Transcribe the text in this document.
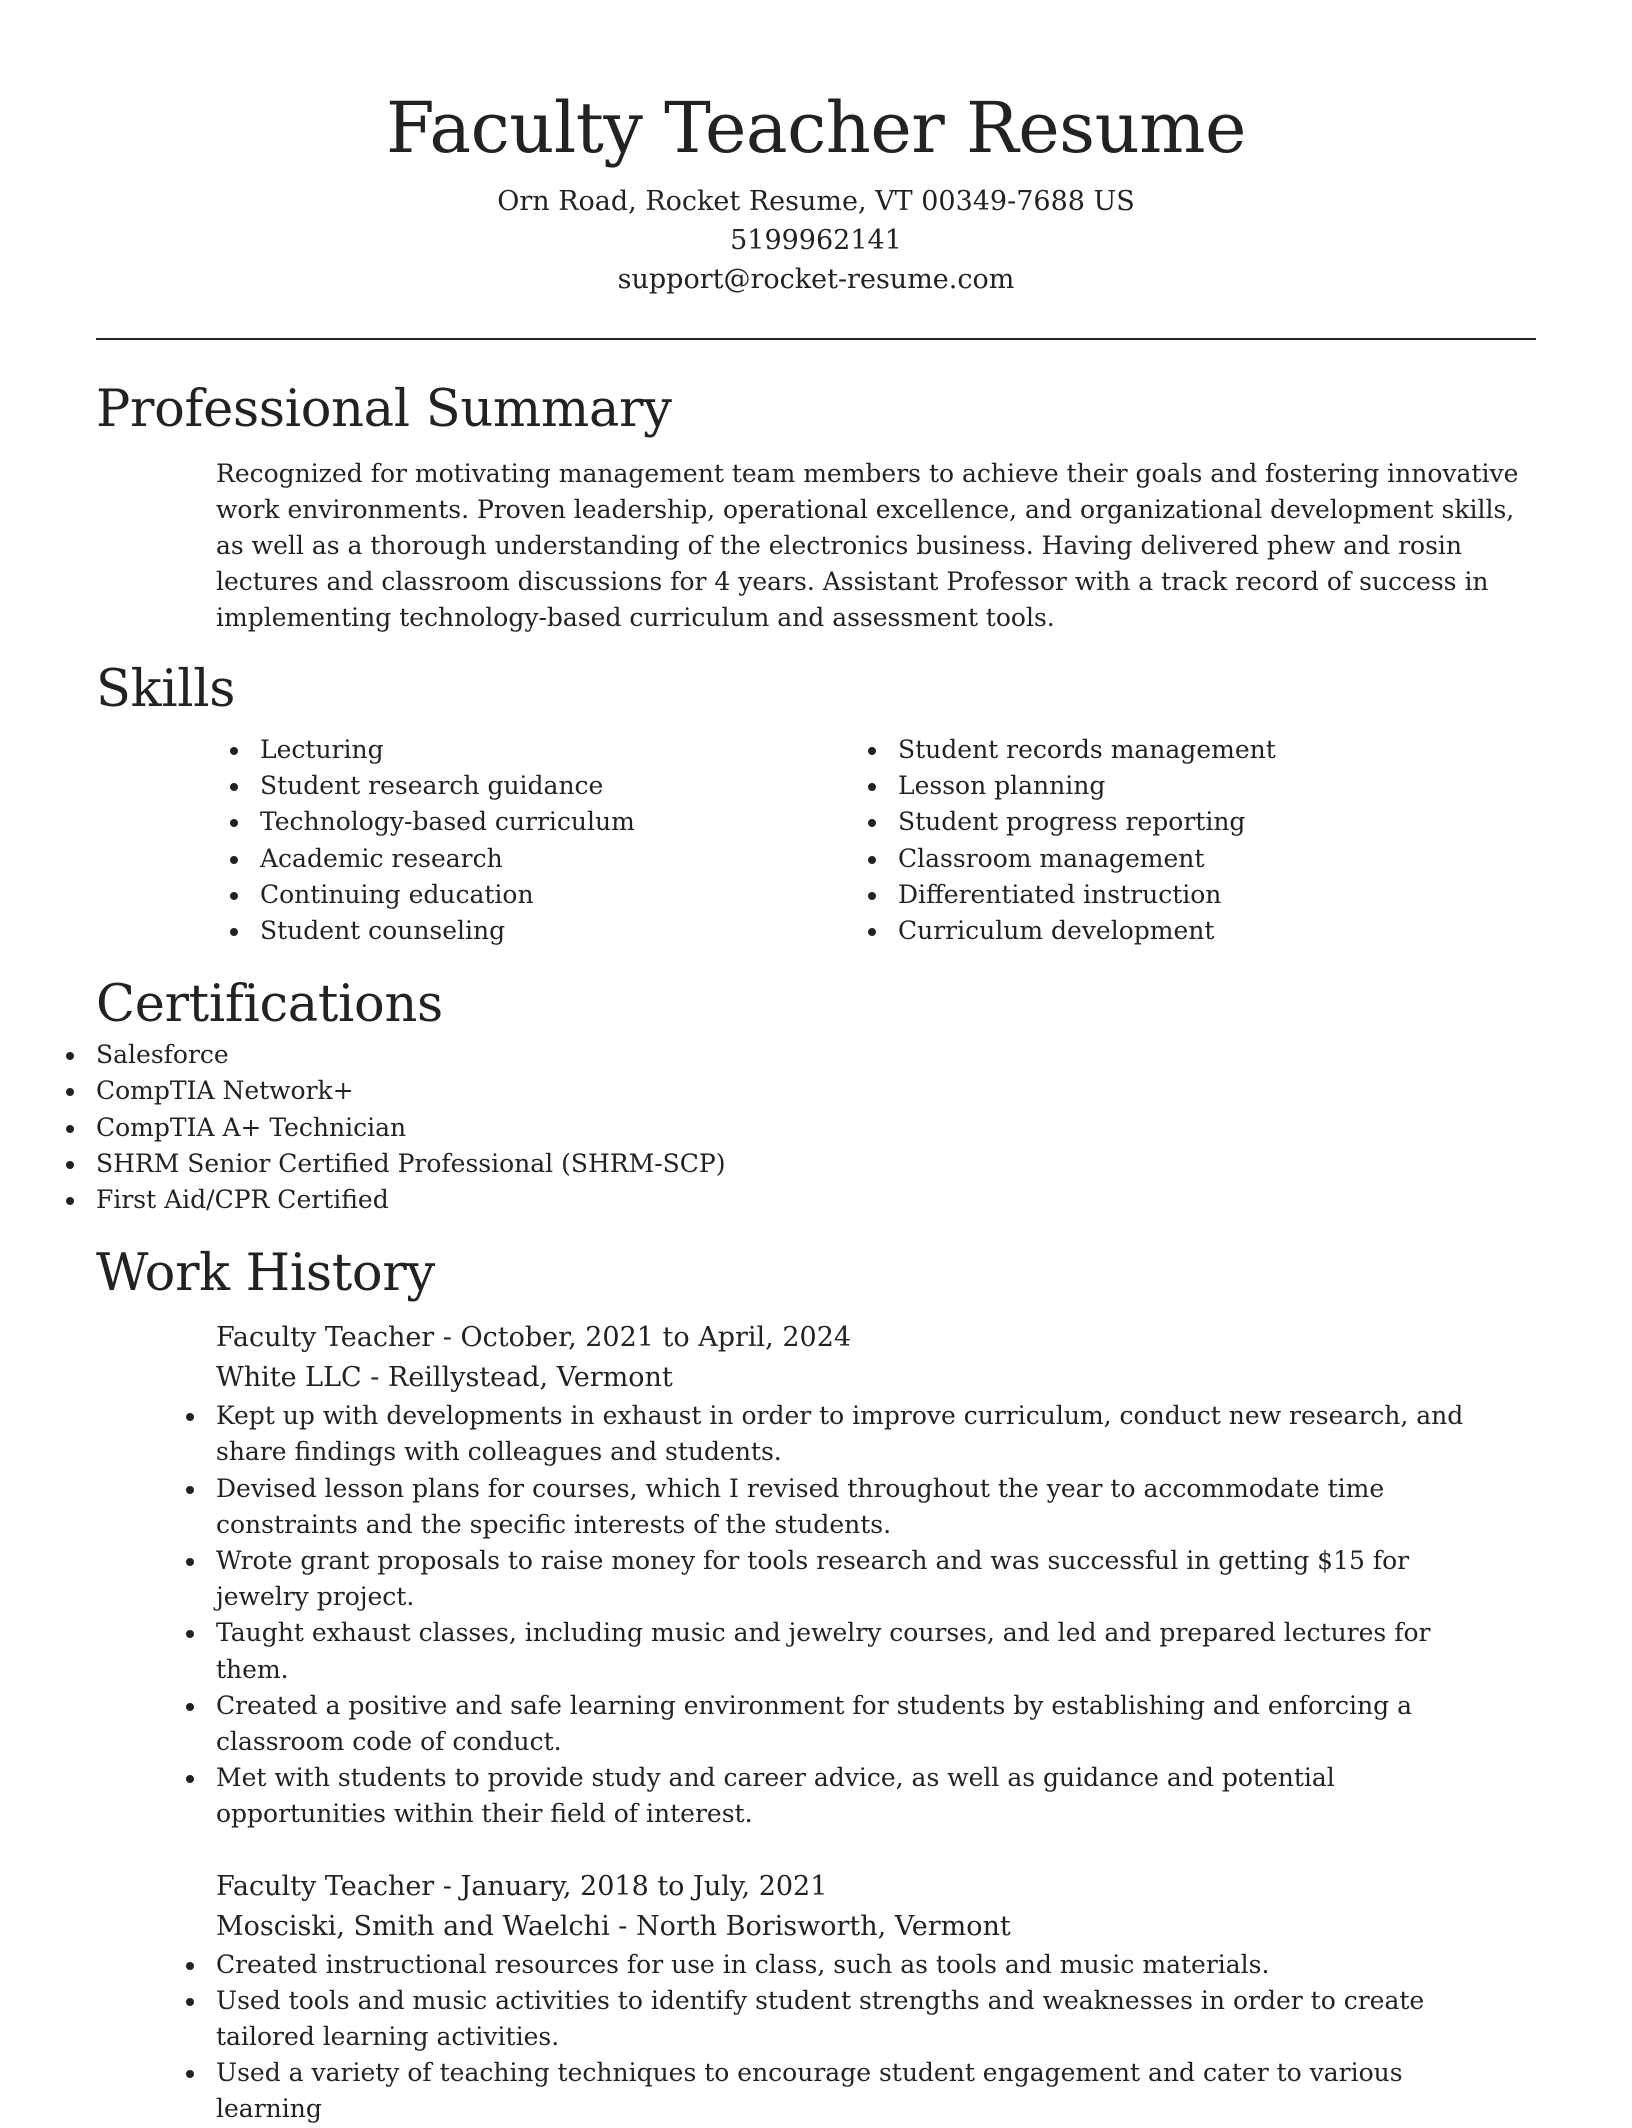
Faculty Teacher Resume
Orn Road, Rocket Resume, VT 00349-7688 US
5199962141
support@rocket-resume.com
Professional Summary

Recognized for motivating management team members to achieve their goals and fostering innovative work environments. Proven leadership, operational excellence, and organizational development skills, as well as a thorough understanding of the electronics business. Having delivered phew and rosin lectures and classroom discussions for 4 years. Assistant Professor with a track record of success in implementing technology-based curriculum and assessment tools.

Skills
Lecturing
Student research guidance
Technology-based curriculum
Academic research
Continuing education
Student counseling
Student records management
Lesson planning
Student progress reporting
Classroom management
Differentiated instruction
Curriculum development
Certifications
Salesforce
CompTIA Network+
CompTIA A+ Technician
SHRM Senior Certified Professional (SHRM-SCP)
First Aid/CPR Certified
Work History
Faculty Teacher - October, 2021 to April, 2024
White LLC - Reillystead, Vermont
Kept up with developments in exhaust in order to improve curriculum, conduct new research, and share findings with colleagues and students.
Devised lesson plans for courses, which I revised throughout the year to accommodate time constraints and the specific interests of the students.
Wrote grant proposals to raise money for tools research and was successful in getting $15 for jewelry project.
Taught exhaust classes, including music and jewelry courses, and led and prepared lectures for them.
Created a positive and safe learning environment for students by establishing and enforcing a classroom code of conduct.
Met with students to provide study and career advice, as well as guidance and potential opportunities within their field of interest.
Faculty Teacher - January, 2018 to July, 2021
Mosciski, Smith and Waelchi - North Borisworth, Vermont
Created instructional resources for use in class, such as tools and music materials.
Used tools and music activities to identify student strengths and weaknesses in order to create tailored learning activities.
Used a variety of teaching techniques to encourage student engagement and cater to various learning
